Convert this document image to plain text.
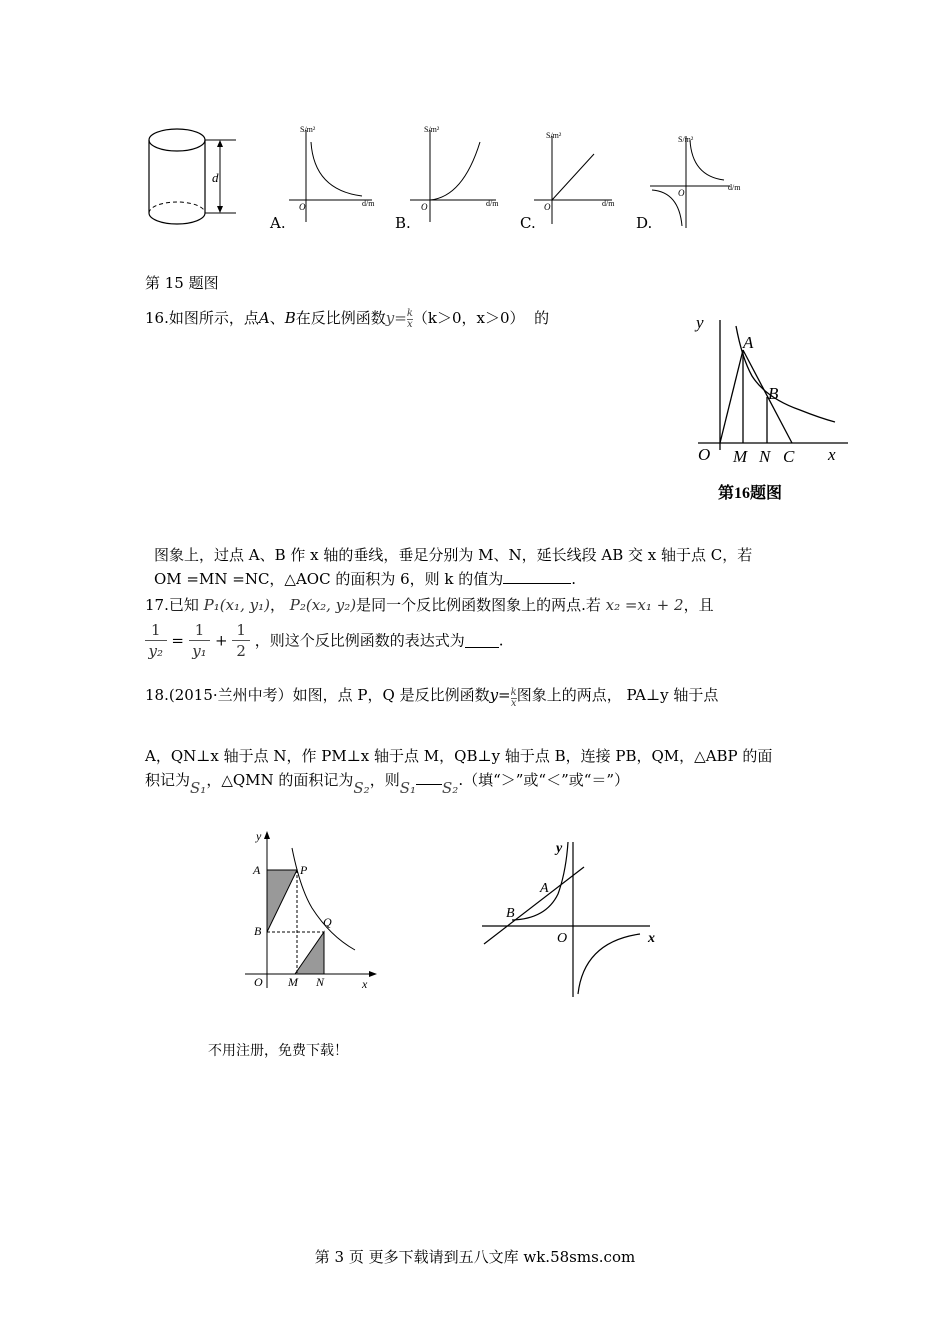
d
S/m²
d/m
O
A.
S/m²
d/m
O
B.
S/m²
d/m
O
C.
S/m²
d/m
O
D.
第 15 题图
16.如图所示，点A、B在反比例函数$y= \frac{k}{x} (k>0$，x＞0） 的	y
x
O
A
B
M N C
第16题图
图象上，过点 A、B 作 x 轴的垂线，垂足分别为 M、N，延长线段 AB 交 x 轴于点 C，若
OM =MN =NC，△AOC 的面积为 6，则 k 的值为	.
17.已知 P₁(x₁, y₁)， P₂(x₂, y₂)是同一个反比例函数图象上的两点.若 x₂ =x₁ + 2，且
$\frac{1}{\text{y₂}} = \frac{1}{\text{y₁}} + \frac{1}{2}$ ，则这个反比例函数的表达式为 .
18.(2015·兰州中考）如图，点 P，Q 是反比例函数$y= \frac{k}{x}$ 图象上的两点， PA⊥y 轴于点
A，QN⊥x 轴于点 N，作 PM⊥x 轴于点 M，QB⊥y 轴于点 B，连接 PB，QM，△ABP 的面
积记为S₁，△QMN 的面积记为S₂，则S₁ S₂.（填“＞”或“＜”或“＝”）
y
x
O
A	P
B
Q
M N
y
x
O
A
B
不用注册，免费下载！
第 3 页 更多下载请到五八文库 wk.58sms.com
